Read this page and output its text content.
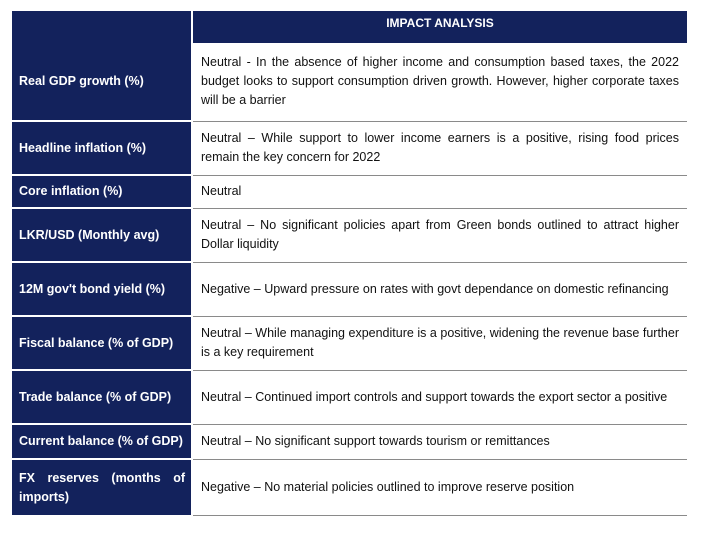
	IMPACT ANALYSIS
Real GDP growth (%)	Neutral - In the absence of higher income and consumption based taxes, the 2022 budget looks to support consumption driven growth. However, higher corporate taxes will be a barrier
Headline inflation (%)	Neutral – While support to lower income earners is a positive, rising food prices remain the key concern for 2022
Core inflation (%)	Neutral
LKR/USD (Monthly avg)	Neutral – No significant policies apart from Green bonds outlined to attract higher Dollar liquidity
12M gov't bond yield (%)	Negative – Upward pressure on rates with govt dependance on domestic refinancing
Fiscal balance (% of GDP)	Neutral – While managing expenditure is a positive, widening the revenue base further is a key requirement
Trade balance (% of GDP)	Neutral – Continued import controls and support towards the export sector a positive
Current balance (% of GDP)	Neutral – No significant support towards tourism or remittances
FX reserves (months of imports)	Negative – No material policies outlined to improve reserve position
